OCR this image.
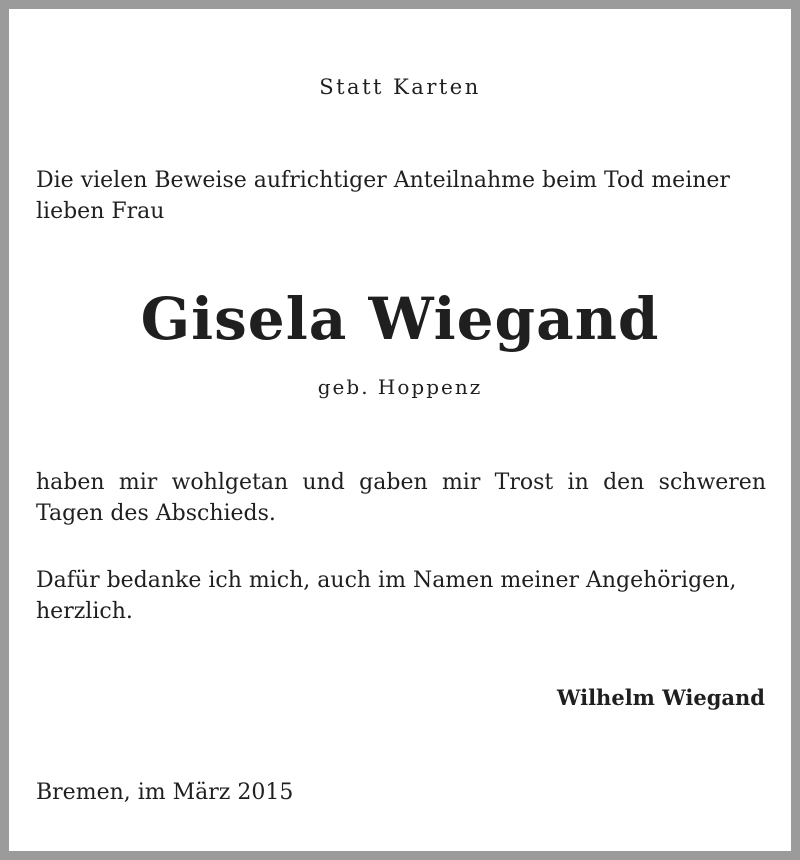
Statt Karten

Die vielen Beweise aufrichtiger Anteilnahme beim Tod meiner lieben Frau

Gisela Wiegand

geb. Hoppenz

haben mir wohlgetan und gaben mir Trost in den schweren Tagen des Abschieds.

Dafür bedanke ich mich, auch im Namen meiner Angehörigen, herzlich.

Wilhelm Wiegand

Bremen, im März 2015
